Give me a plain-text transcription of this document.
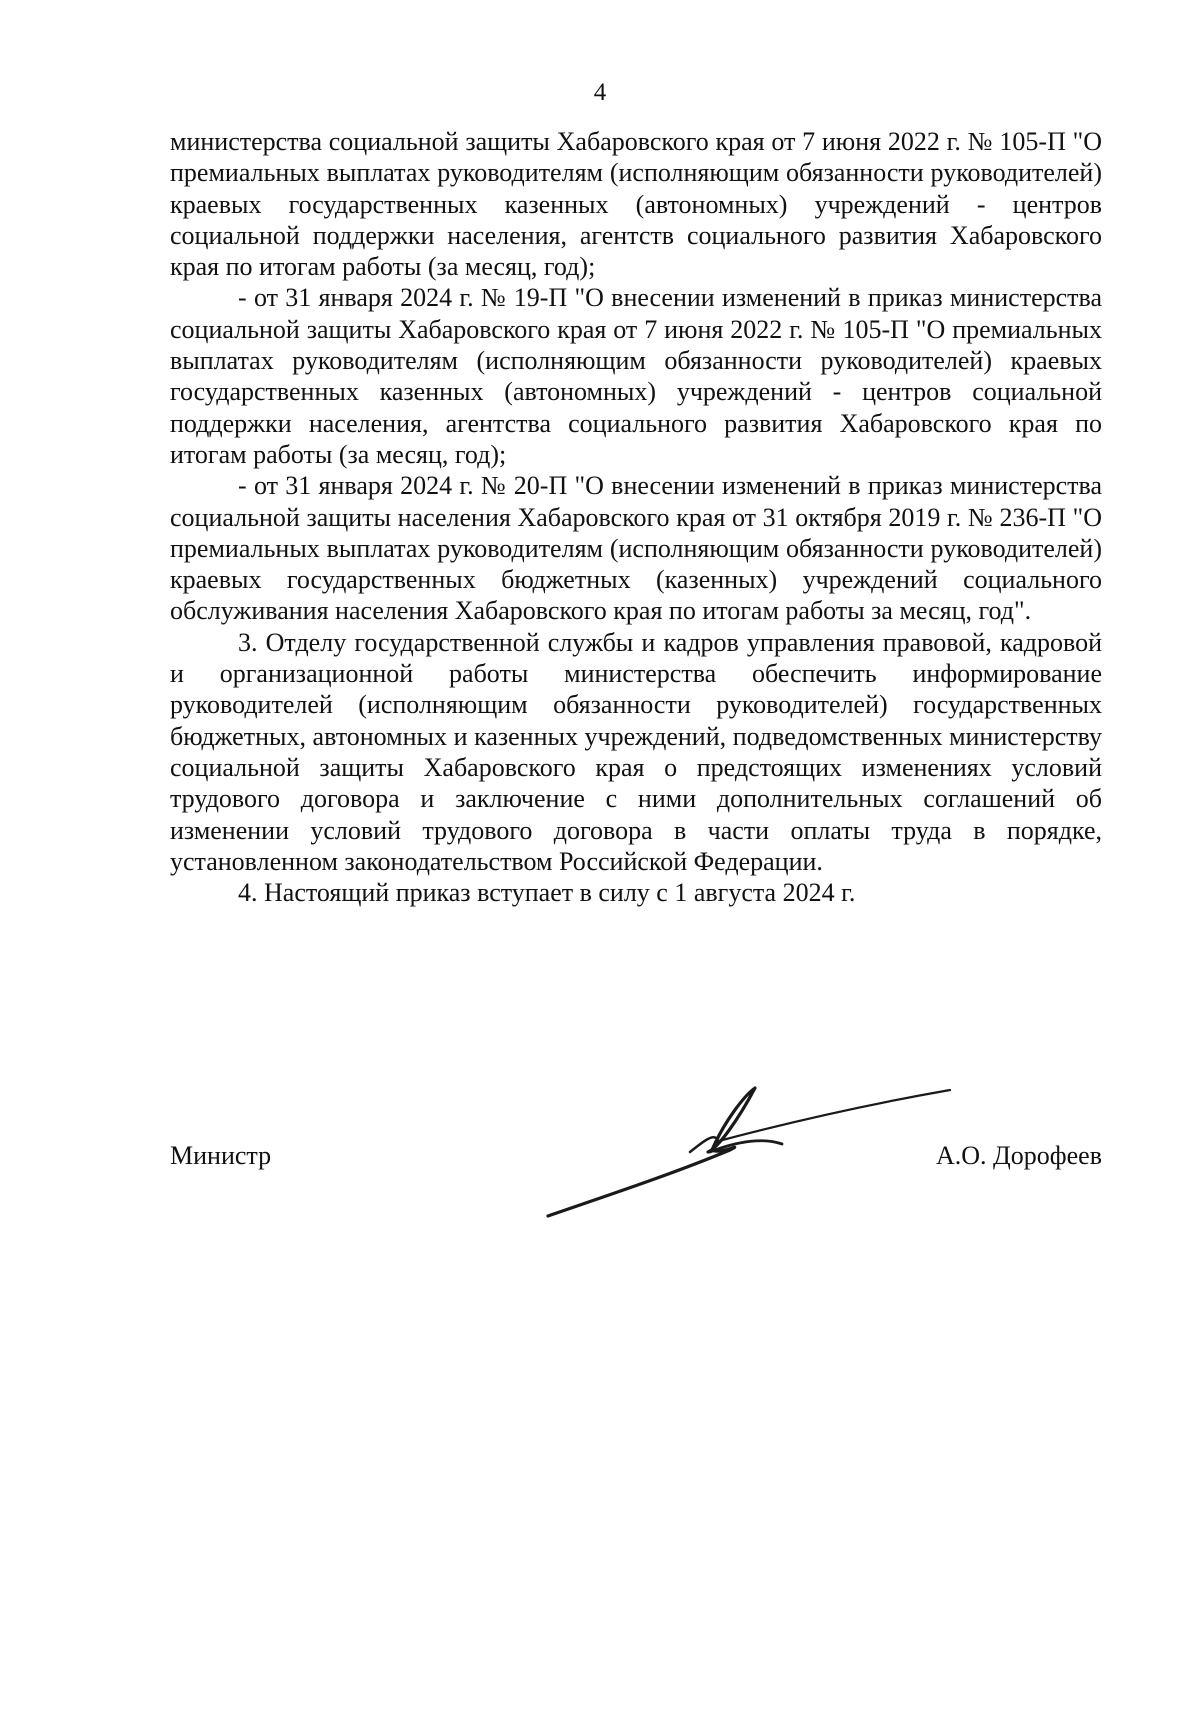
4

министерства социальной защиты Хабаровского края от 7 июня 2022 г. № 105-П "О премиальных выплатах руководителям (исполняющим обязанности руководителей) краевых государственных казенных (автономных) учреждений - центров социальной поддержки населения, агентств социального развития Хабаровского края по итогам работы (за месяц, год);

- от 31 января 2024 г. № 19-П "О внесении изменений в приказ министерства социальной защиты Хабаровского края от 7 июня 2022 г. № 105-П "О премиальных выплатах руководителям (исполняющим обязанности руководителей) краевых государственных казенных (автономных) учреждений - центров социальной поддержки населения, агентства социального развития Хабаровского края по итогам работы (за месяц, год);

- от 31 января 2024 г. № 20-П "О внесении изменений в приказ министерства социальной защиты населения Хабаровского края от 31 октября 2019 г. № 236-П "О премиальных выплатах руководителям (исполняющим обязанности руководителей) краевых государственных бюджетных (казенных) учреждений социального обслуживания населения Хабаровского края по итогам работы за месяц, год".

3. Отделу государственной службы и кадров управления правовой, кадровой и организационной работы министерства обеспечить информирование руководителей (исполняющим обязанности руководителей) государственных бюджетных, автономных и казенных учреждений, подведомственных министерству социальной защиты Хабаровского края о предстоящих изменениях условий трудового договора и заключение с ними дополнительных соглашений об изменении условий трудового договора в части оплаты труда в порядке, установленном законодательством Российской Федерации.

4. Настоящий приказ вступает в силу с 1 августа 2024 г.

Министр	А.О. Дорофеев
